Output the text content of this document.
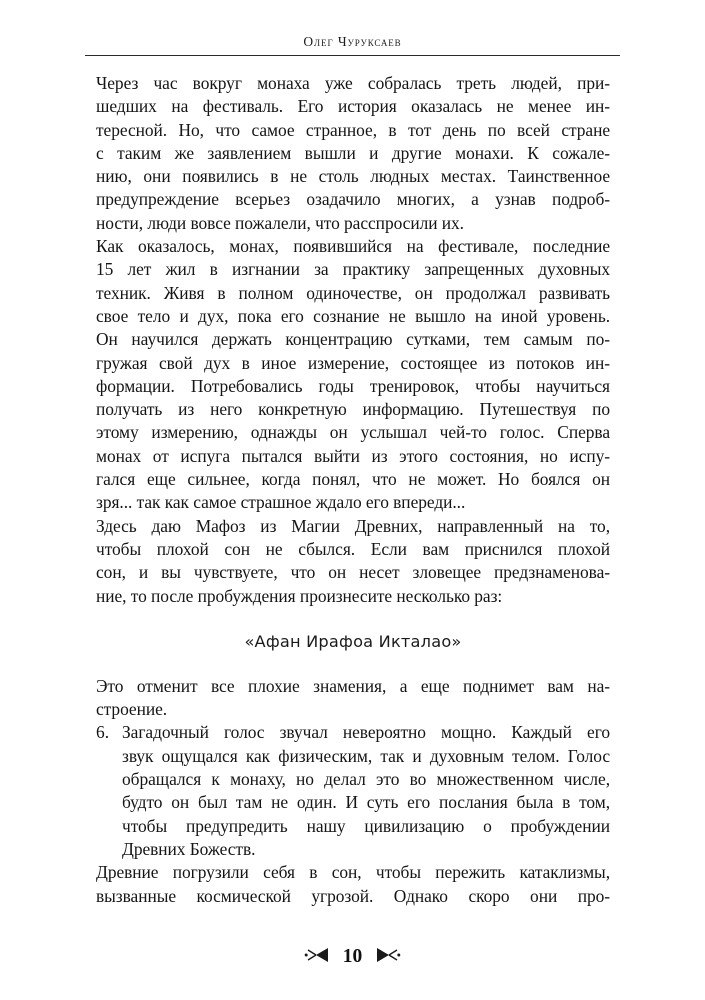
Олег Чуруксаев

Через час вокруг монаха уже собралась треть людей, при-
шедших на фестиваль. Его история оказалась не менее ин-
тересной. Но, что самое странное, в тот день по всей стране
с таким же заявлением вышли и другие монахи. К сожале-
нию, они появились в не столь людных местах. Таинственное
предупреждение всерьез озадачило многих, а узнав подроб-
ности, люди вовсе пожалели, что расспросили их.

Как оказалось, монах, появившийся на фестивале, последние
15 лет жил в изгнании за практику запрещенных духовных
техник. Живя в полном одиночестве, он продолжал развивать
свое тело и дух, пока его сознание не вышло на иной уровень.
Он научился держать концентрацию сутками, тем самым по-
гружая свой дух в иное измерение, состоящее из потоков ин-
формации. Потребовались годы тренировок, чтобы научиться
получать из него конкретную информацию. Путешествуя по
этому измерению, однажды он услышал чей-то голос. Сперва
монах от испуга пытался выйти из этого состояния, но испу-
гался еще сильнее, когда понял, что не может. Но боялся он
зря... так как самое страшное ждало его впереди...

Здесь даю Мафоз из Магии Древних, направленный на то,
чтобы плохой сон не сбылся. Если вам приснился плохой
сон, и вы чувствуете, что он несет зловещее предзнаменова-
ние, то после пробуждения произнесите несколько раз:

«Афан Ирафоа Икталао»

Это отменит все плохие знамения, а еще поднимет вам на-
строение.

6. Загадочный голос звучал невероятно мощно. Каждый его
звук ощущался как физическим, так и духовным телом. Голос
обращался к монаху, но делал это во множественном числе,
будто он был там не один. И суть его послания была в том,
чтобы предупредить нашу цивилизацию о пробуждении
Древних Божеств.

Древние погрузили себя в сон, чтобы пережить катаклизмы,
вызванные космической угрозой. Однако скоро они про-

10
